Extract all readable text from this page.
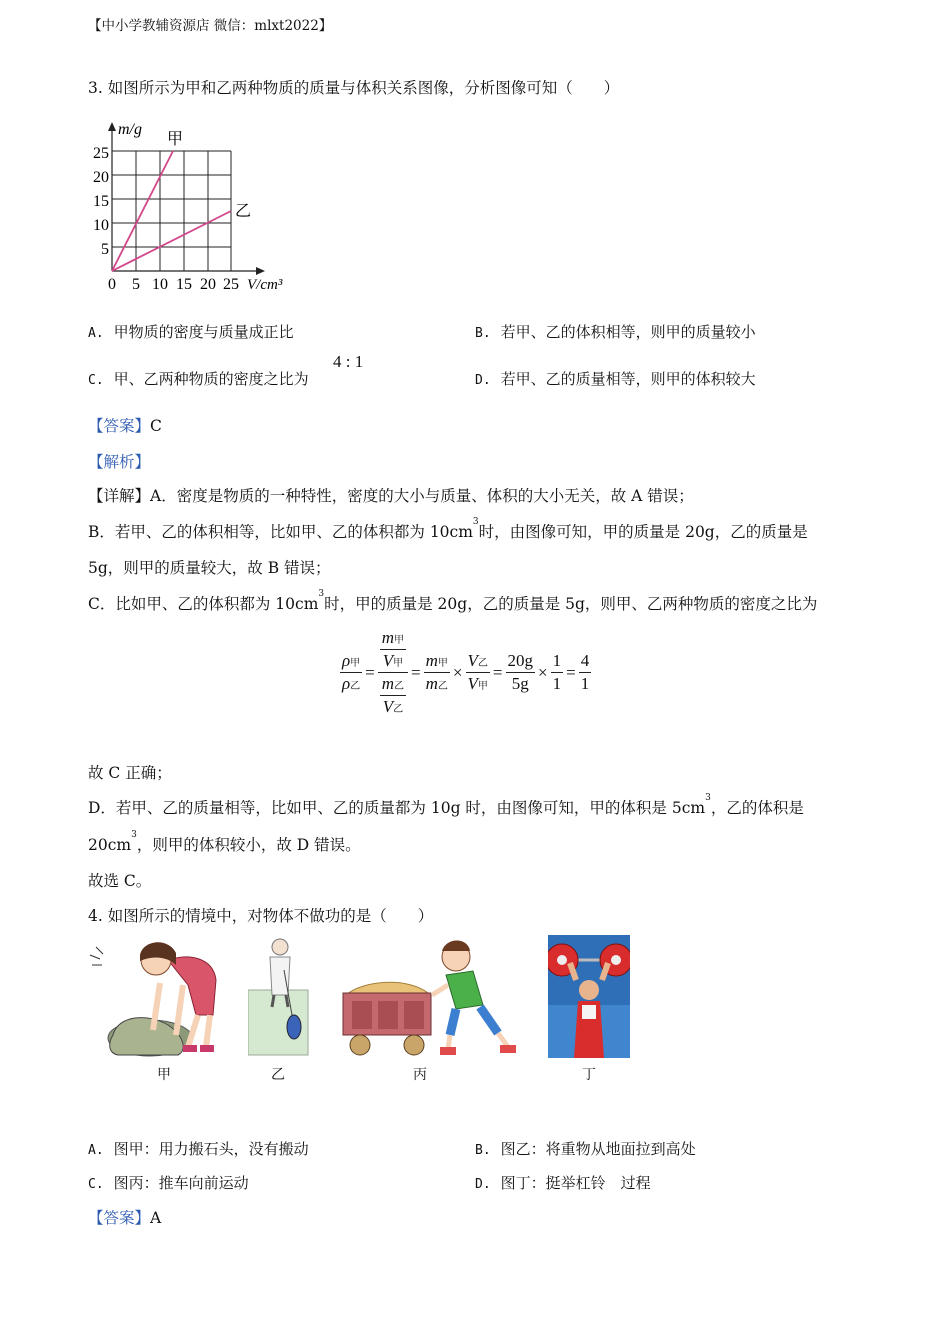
【中小学教辅资源店 微信：mlxt2022】
3. 如图所示为甲和乙两种物质的质量与体积关系图像，分析图像可知（　　）
m/g 甲
乙
25
20
15
10
5
0 5 10 15 20 25 V/cm³
A. 甲物质的密度与质量成正比	B. 若甲、乙的体积相等，则甲的质量较小
C. 甲、乙两种物质的密度之比为
4 : 1
D. 若甲、乙的质量相等，则甲的体积较大
【答案】C
【解析】
【详解】A．密度是物质的一种特性，密度的大小与质量、体积的大小无关，故 A 错误；
B．若甲、乙的体积相等，比如甲、乙的体积都为 $10cm^3$时，由图像可知，甲的质量是 20g，乙的质量是
5g，则甲的质量较大，故 B 错误；
C．比如甲、乙的体积都为 $10cm^3$时，甲的质量是 20g，乙的质量是 5g，则甲、乙两种物质的密度之比为
$\frac{\text{ρ甲}}{\text{ρ乙}} = \frac{\frac{\text{m甲}}{\text{V甲}}}{\frac{\text{m乙}}{\text{V乙}}} = \frac{\text{m甲}}{\text{m乙}} \times \frac{\text{V乙}}{\text{V甲}} = \frac{20g}{5g} \times \frac{1}{1} = \frac{4}{1}$
故 C 正确；
D．若甲、乙的质量相等，比如甲、乙的质量都为 10g 时，由图像可知，甲的体积是 $5cm^3$，乙的体积是
$20cm^3$，则甲的体积较小，故 D 错误。
故选 C。
4. 如图所示的情境中，对物体不做功的是（　　）
甲	乙	丙	丁
A. 图甲：用力搬石头，没有搬动	B. 图乙：将重物从地面拉到高处
C. 图丙：推车向前运动	D. 图丁：挺举杠铃　过程
【答案】A
